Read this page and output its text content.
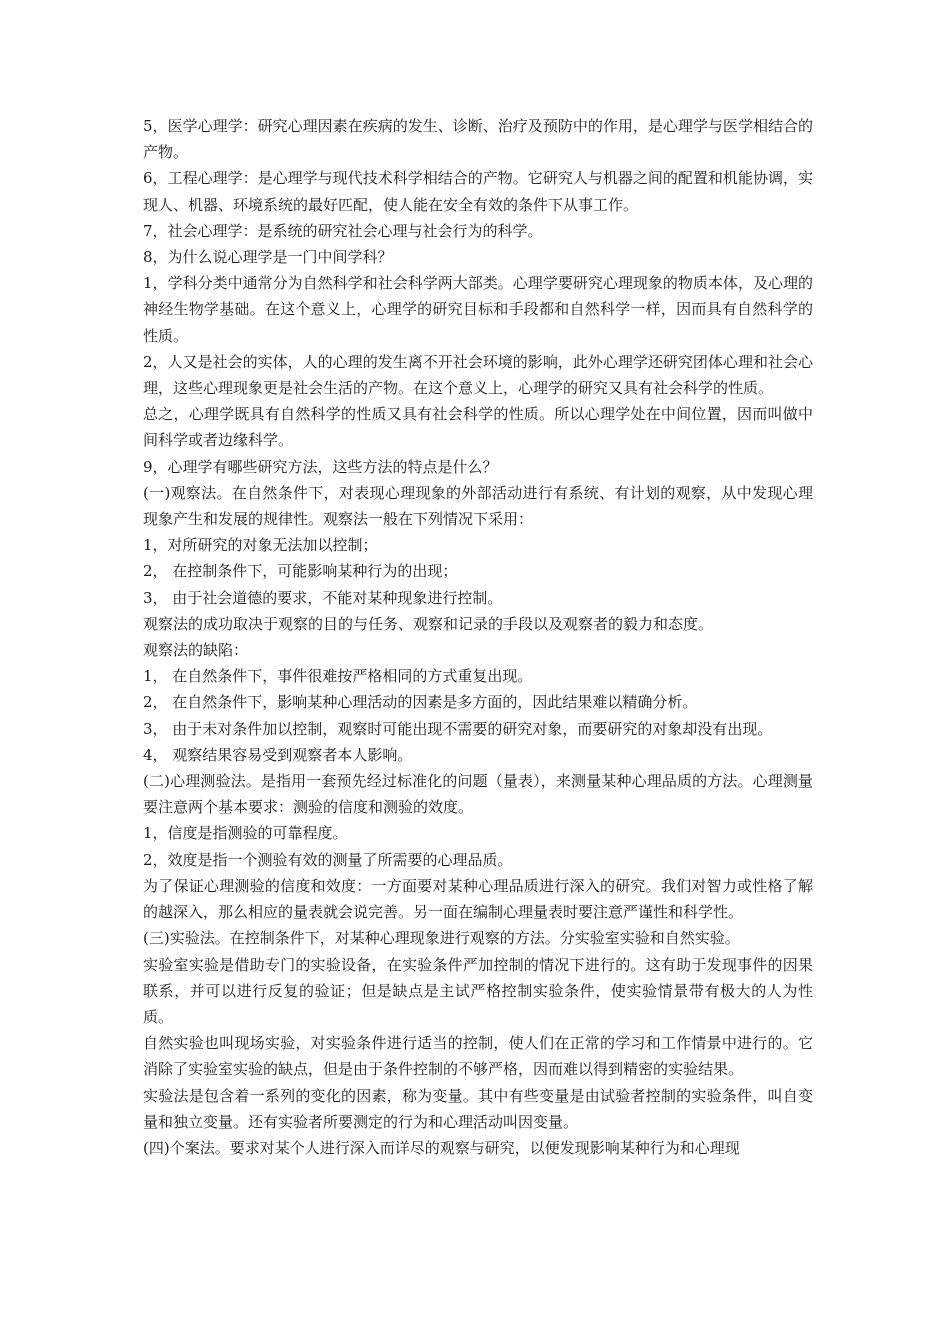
5，医学心理学：研究心理因素在疾病的发生、诊断、治疗及预防中的作用，是心理学与医学相结合的产物。

6，工程心理学：是心理学与现代技术科学相结合的产物。它研究人与机器之间的配置和机能协调，实现人、机器、环境系统的最好匹配，使人能在安全有效的条件下从事工作。

7，社会心理学：是系统的研究社会心理与社会行为的科学。

8，为什么说心理学是一门中间学科？

1，学科分类中通常分为自然科学和社会科学两大部类。心理学要研究心理现象的物质本体，及心理的神经生物学基础。在这个意义上，心理学的研究目标和手段都和自然科学一样，因而具有自然科学的性质。

2，人又是社会的实体，人的心理的发生离不开社会环境的影响，此外心理学还研究团体心理和社会心理，这些心理现象更是社会生活的产物。在这个意义上，心理学的研究又具有社会科学的性质。

总之，心理学既具有自然科学的性质又具有社会科学的性质。所以心理学处在中间位置，因而叫做中间科学或者边缘科学。

9，心理学有哪些研究方法，这些方法的特点是什么？

(一)观察法。在自然条件下，对表现心理现象的外部活动进行有系统、有计划的观察，从中发现心理现象产生和发展的规律性。观察法一般在下列情况下采用：

1，对所研究的对象无法加以控制；

2， 在控制条件下，可能影响某种行为的出现；

3， 由于社会道德的要求，不能对某种现象进行控制。

观察法的成功取决于观察的目的与任务、观察和记录的手段以及观察者的毅力和态度。

观察法的缺陷：

1， 在自然条件下，事件很难按严格相同的方式重复出现。

2， 在自然条件下，影响某种心理活动的因素是多方面的，因此结果难以精确分析。

3， 由于未对条件加以控制，观察时可能出现不需要的研究对象，而要研究的对象却没有出现。

4， 观察结果容易受到观察者本人影响。

(二)心理测验法。是指用一套预先经过标准化的问题（量表），来测量某种心理品质的方法。心理测量要注意两个基本要求：测验的信度和测验的效度。

1，信度是指测验的可靠程度。

2，效度是指一个测验有效的测量了所需要的心理品质。

为了保证心理测验的信度和效度：一方面要对某种心理品质进行深入的研究。我们对智力或性格了解的越深入，那么相应的量表就会说完善。另一面在编制心理量表时要注意严谨性和科学性。

(三)实验法。在控制条件下，对某种心理现象进行观察的方法。分实验室实验和自然实验。

实验室实验是借助专门的实验设备，在实验条件严加控制的情况下进行的。这有助于发现事件的因果联系，并可以进行反复的验证；但是缺点是主试严格控制实验条件，使实验情景带有极大的人为性质。

自然实验也叫现场实验，对实验条件进行适当的控制，使人们在正常的学习和工作情景中进行的。它消除了实验室实验的缺点，但是由于条件控制的不够严格，因而难以得到精密的实验结果。

实验法是包含着一系列的变化的因素，称为变量。其中有些变量是由试验者控制的实验条件，叫自变量和独立变量。还有实验者所要测定的行为和心理活动叫因变量。

(四)个案法。要求对某个人进行深入而详尽的观察与研究，以便发现影响某种行为和心理现
